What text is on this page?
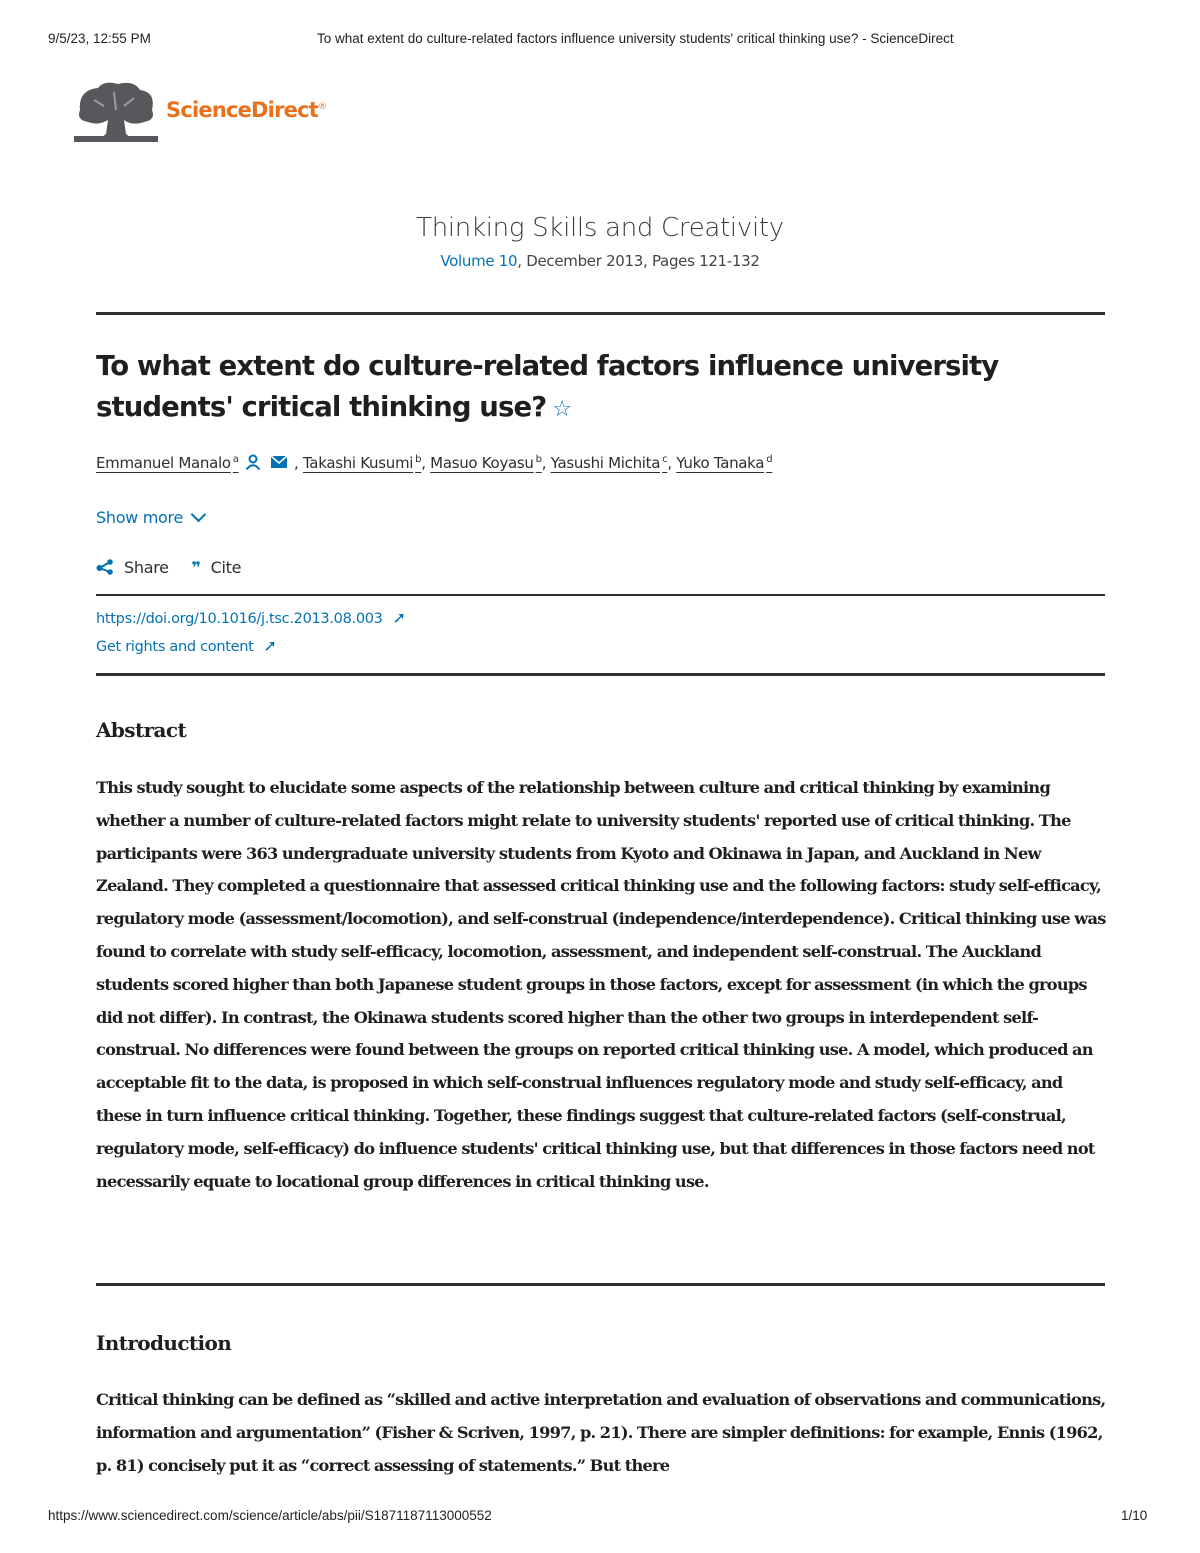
9/5/23, 12:55 PM	To what extent do culture-related factors influence university students' critical thinking use? - ScienceDirect
ScienceDirect®
Thinking Skills and Creativity
Volume 10, December 2013, Pages 121-132
To what extent do culture-related factors influence university students' critical thinking use? ☆
Emmanuel Manalo $^a$	, Takashi Kusumi $^b$, Masuo Koyasu $^b$, Yasushi Michita $^c$, Yuko Tanaka $^d$
Show more
Share ❞ Cite
https://doi.org/10.1016/j.tsc.2013.08.003 ➚
Get rights and content ➚
Abstract
This study sought to elucidate some aspects of the relationship between culture and critical thinking by examining whether a number of culture-related factors might relate to university students' reported use of critical thinking. The participants were 363 undergraduate university students from Kyoto and Okinawa in Japan, and Auckland in New Zealand. They completed a questionnaire that assessed critical thinking use and the following factors: study self-efficacy, regulatory mode (assessment/locomotion), and self-construal (independence/interdependence). Critical thinking use was found to correlate with study self-efficacy, locomotion, assessment, and independent self-construal. The Auckland students scored higher than both Japanese student groups in those factors, except for assessment (in which the groups did not differ). In contrast, the Okinawa students scored higher than the other two groups in interdependent self-construal. No differences were found between the groups on reported critical thinking use. A model, which produced an acceptable fit to the data, is proposed in which self-construal influences regulatory mode and study self-efficacy, and these in turn influence critical thinking. Together, these findings suggest that culture-related factors (self-construal, regulatory mode, self-efficacy) do influence students' critical thinking use, but that differences in those factors need not necessarily equate to locational group differences in critical thinking use.
Introduction
Critical thinking can be defined as “skilled and active interpretation and evaluation of observations and communications, information and argumentation” (Fisher & Scriven, 1997, p. 21). There are simpler definitions: for example, Ennis (1962, p. 81) concisely put it as “correct assessing of statements.” But there
https://www.sciencedirect.com/science/article/abs/pii/S1871187113000552	1/10
